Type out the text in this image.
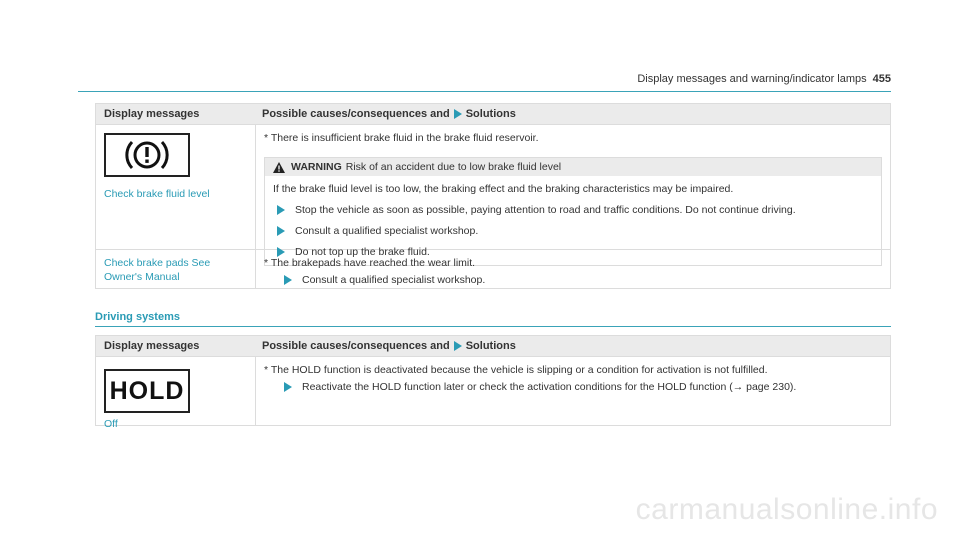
Display messages and warning/indicator lamps 455
Display messages	Possible causes/consequences and Solutions
Check brake fluid level
* There is insufficient brake fluid in the brake fluid reservoir.
WARNING Risk of an accident due to low brake fluid level
If the brake fluid level is too low, the braking effect and the braking characteristics may be impaired.
Stop the vehicle as soon as possible, paying attention to road and traffic conditions. Do not continue driving.
Consult a qualified specialist workshop.
Do not top up the brake fluid.
Check brake pads See
Owner's Manual
* The brakepads have reached the wear limit.
Consult a qualified specialist workshop.
Driving systems
Display messages	Possible causes/consequences and Solutions
HOLD
Off
* The HOLD function is deactivated because the vehicle is slipping or a condition for activation is not fulfilled.
Reactivate the HOLD function later or check the activation conditions for the HOLD function (→ page 230).
carmanualsonline.info
